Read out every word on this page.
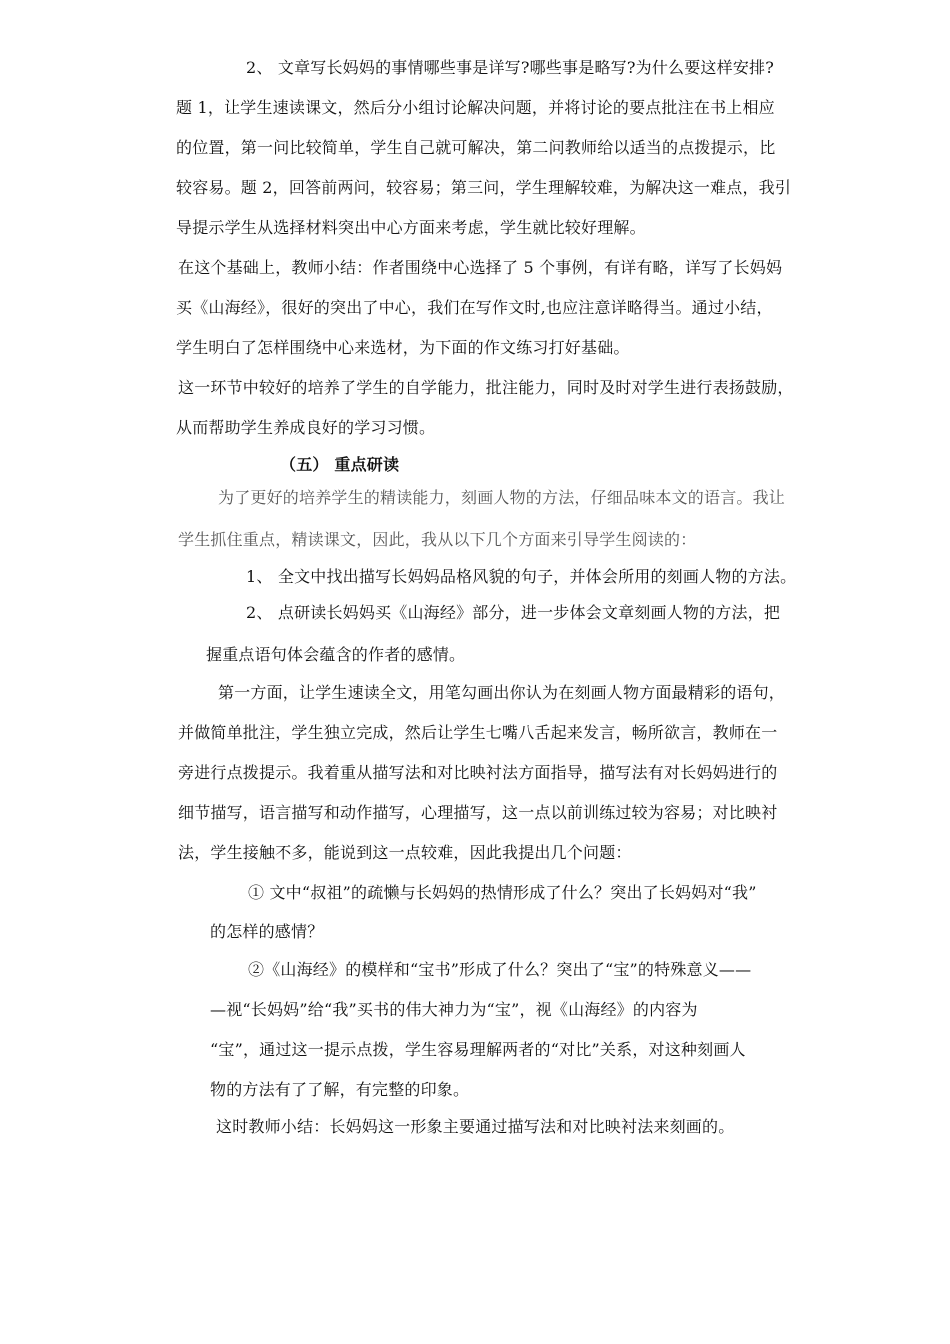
2、 文章写长妈妈的事情哪些事是详写?哪些事是略写?为什么要这样安排?
题 1，让学生速读课文，然后分小组讨论解决问题，并将讨论的要点批注在书上相应
的位置，第一问比较简单，学生自己就可解决，第二问教师给以适当的点拨提示，比
较容易。题 2，回答前两问，较容易；第三问，学生理解较难，为解决这一难点，我引
导提示学生从选择材料突出中心方面来考虑，学生就比较好理解。
在这个基础上，教师小结：作者围绕中心选择了 5 个事例，有详有略，详写了长妈妈
买《山海经》，很好的突出了中心，我们在写作文时,也应注意详略得当。通过小结，
学生明白了怎样围绕中心来选材，为下面的作文练习打好基础。
这一环节中较好的培养了学生的自学能力，批注能力，同时及时对学生进行表扬鼓励，
从而帮助学生养成良好的学习习惯。
（五） 重点研读
为了更好的培养学生的精读能力，刻画人物的方法，仔细品味本文的语言。我让
学生抓住重点，精读课文，因此，我从以下几个方面来引导学生阅读的：
1、 全文中找出描写长妈妈品格风貌的句子，并体会所用的刻画人物的方法。
2、 点研读长妈妈买《山海经》部分，进一步体会文章刻画人物的方法，把
握重点语句体会蕴含的作者的感情。
第一方面，让学生速读全文，用笔勾画出你认为在刻画人物方面最精彩的语句，
并做简单批注，学生独立完成，然后让学生七嘴八舌起来发言，畅所欲言，教师在一
旁进行点拨提示。我着重从描写法和对比映衬法方面指导，描写法有对长妈妈进行的
细节描写，语言描写和动作描写，心理描写，这一点以前训练过较为容易；对比映衬
法，学生接触不多，能说到这一点较难，因此我提出几个问题：
① 文中“叔祖”的疏懒与长妈妈的热情形成了什么？突出了长妈妈对“我”
的怎样的感情？
②《山海经》的模样和“宝书”形成了什么？突出了“宝”的特殊意义——
—视“长妈妈”给“我”买书的伟大神力为“宝”，视《山海经》的内容为
“宝”，通过这一提示点拨，学生容易理解两者的“对比”关系，对这种刻画人
物的方法有了了解，有完整的印象。
这时教师小结：长妈妈这一形象主要通过描写法和对比映衬法来刻画的。
